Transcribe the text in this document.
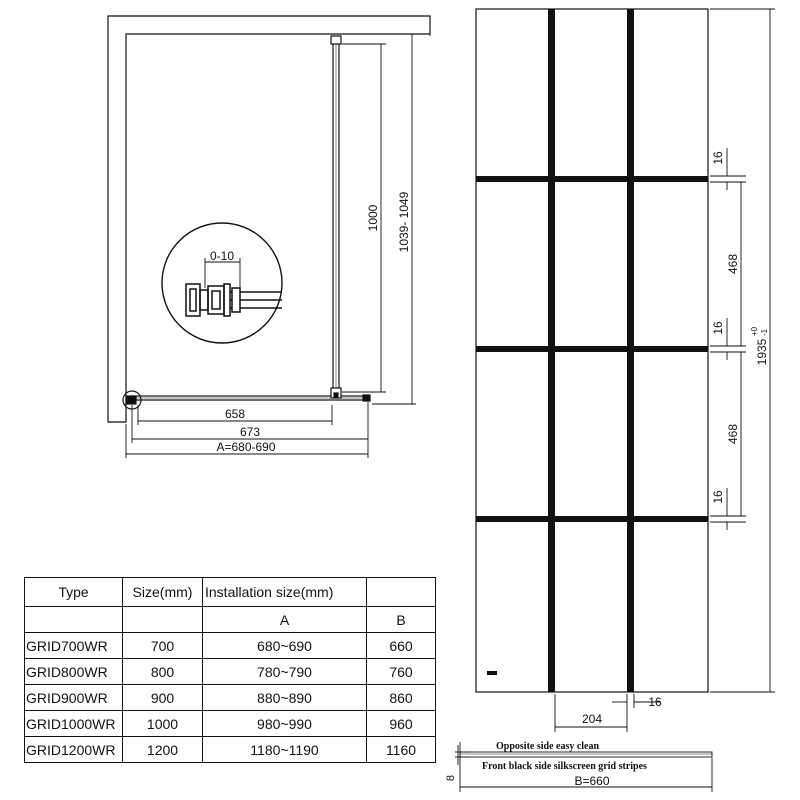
0-10
658
673
A=680-690
1000 1039- 1049
16
468
16
468
16
1935
+0 -1
204
16
Opposite side easy clean
Front black side silkscreen grid stripes
8	B=660
Type	Size(mm)	Installation size(mm)	
		A	B
GRID700WR	700	680~690	660
GRID800WR	800	780~790	760
GRID900WR	900	880~890	860
GRID1000WR	1000	980~990	960
GRID1200WR	1200	1180~1190	1160
